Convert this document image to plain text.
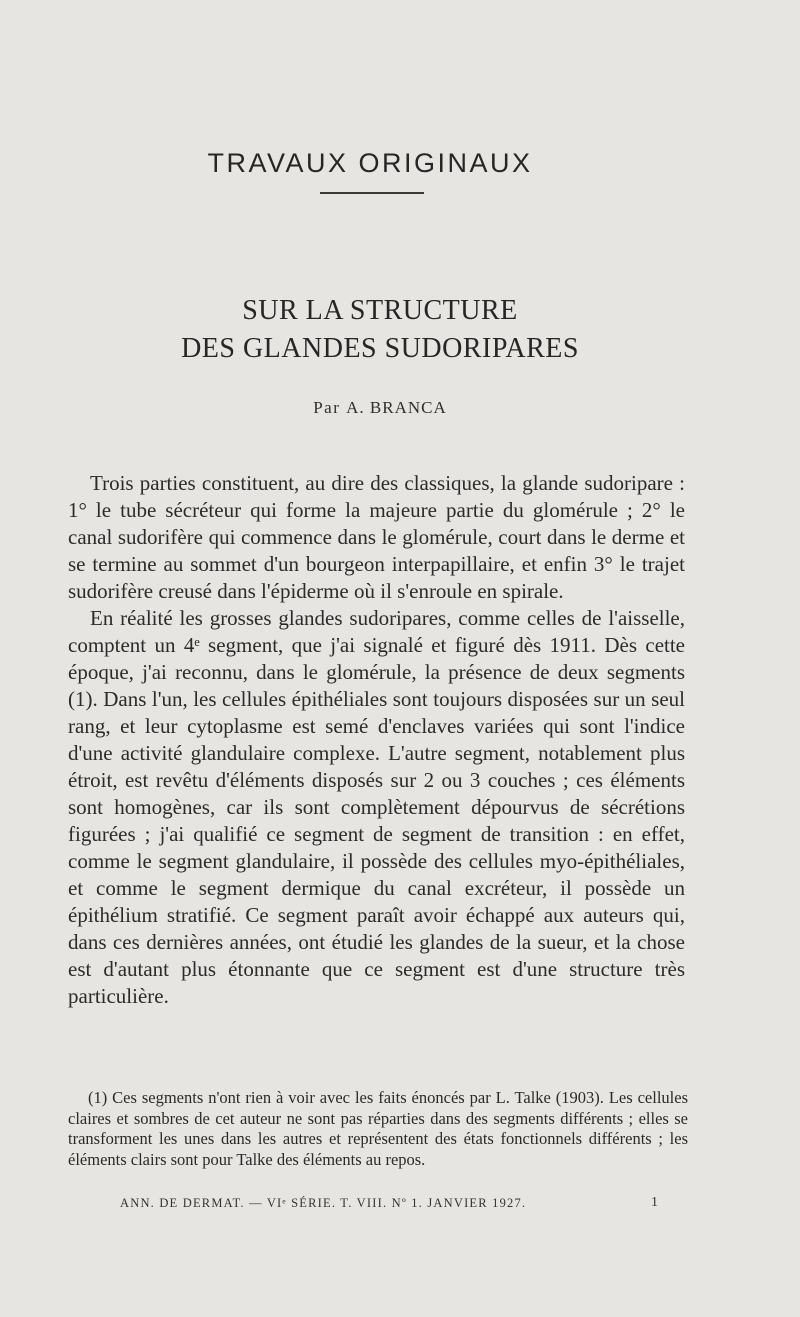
TRAVAUX ORIGINAUX
SUR LA STRUCTURE
DES GLANDES SUDORIPARES
Par A. BRANCA

Trois parties constituent, au dire des classiques, la glande sudoripare : 1° le tube sécréteur qui forme la majeure partie du glomérule ; 2° le canal sudorifère qui commence dans le glomérule, court dans le derme et se termine au sommet d'un bourgeon interpapillaire, et enfin 3° le trajet sudorifère creusé dans l'épiderme où il s'enroule en spirale.

En réalité les grosses glandes sudoripares, comme celles de l'aisselle, comptent un 4ᵉ segment, que j'ai signalé et figuré dès 1911. Dès cette époque, j'ai reconnu, dans le glomérule, la présence de deux segments (1). Dans l'un, les cellules épithéliales sont toujours disposées sur un seul rang, et leur cytoplasme est semé d'enclaves variées qui sont l'indice d'une activité glandulaire complexe. L'autre segment, notablement plus étroit, est revêtu d'éléments disposés sur 2 ou 3 couches ; ces éléments sont homogènes, car ils sont complètement dépourvus de sécrétions figurées ; j'ai qualifié ce segment de segment de transition : en effet, comme le segment glandulaire, il possède des cellules myo-épithéliales, et comme le segment dermique du canal excréteur, il possède un épithélium stratifié. Ce segment paraît avoir échappé aux auteurs qui, dans ces dernières années, ont étudié les glandes de la sueur, et la chose est d'autant plus étonnante que ce segment est d'une structure très particulière.

(1) Ces segments n'ont rien à voir avec les faits énoncés par L. Talke (1903). Les cellules claires et sombres de cet auteur ne sont pas réparties dans des segments différents ; elles se transforment les unes dans les autres et représentent des états fonctionnels différents ; les éléments clairs sont pour Talke des éléments au repos.

ANN. DE DERMAT. — VIᵉ SÉRIE. T. VIII. Nº 1. JANVIER 1927.	1
